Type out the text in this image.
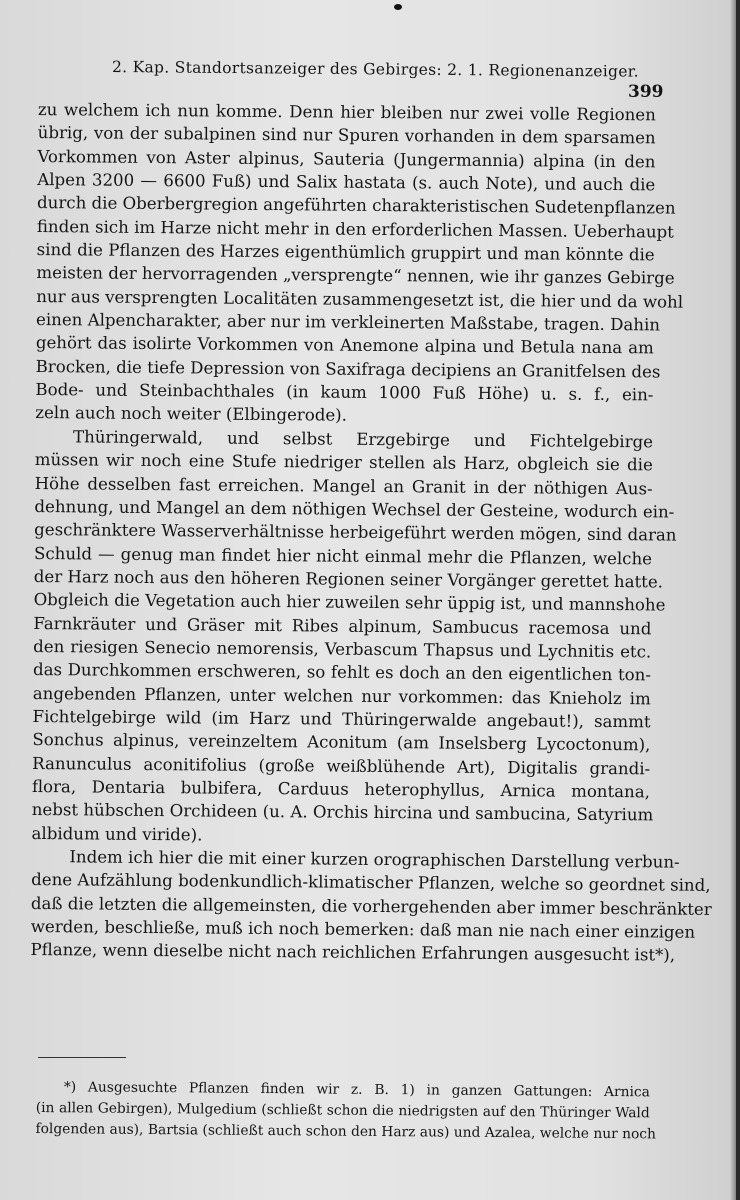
2. Kap. Standortsanzeiger des Gebirges: 2. 1. Regionenanzeiger.
399
zu welchem ich nun komme. Denn hier bleiben nur zwei volle Regionen
übrig, von der subalpinen sind nur Spuren vorhanden in dem sparsamen
Vorkommen von Aster alpinus, Sauteria (Jungermannia) alpina (in den
Alpen 3200 — 6600 Fuß) und Salix hastata (s. auch Note), und auch die
durch die Oberbergregion angeführten charakteristischen Sudetenpflanzen
finden sich im Harze nicht mehr in den erforderlichen Massen. Ueberhaupt
sind die Pflanzen des Harzes eigenthümlich gruppirt und man könnte die
meisten der hervorragenden „versprengte“ nennen, wie ihr ganzes Gebirge
nur aus versprengten Localitäten zusammengesetzt ist, die hier und da wohl
einen Alpencharakter, aber nur im verkleinerten Maßstabe, tragen. Dahin
gehört das isolirte Vorkommen von Anemone alpina und Betula nana am
Brocken, die tiefe Depression von Saxifraga decipiens an Granitfelsen des
Bode- und Steinbachthales (in kaum 1000 Fuß Höhe) u. s. f., ein-
zeln auch noch weiter (Elbingerode).
Thüringerwald, und selbst Erzgebirge und Fichtelgebirge
müssen wir noch eine Stufe niedriger stellen als Harz, obgleich sie die
Höhe desselben fast erreichen. Mangel an Granit in der nöthigen Aus-
dehnung, und Mangel an dem nöthigen Wechsel der Gesteine, wodurch ein-
geschränktere Wasserverhältnisse herbeigeführt werden mögen, sind daran
Schuld — genug man findet hier nicht einmal mehr die Pflanzen, welche
der Harz noch aus den höheren Regionen seiner Vorgänger gerettet hatte.
Obgleich die Vegetation auch hier zuweilen sehr üppig ist, und mannshohe
Farnkräuter und Gräser mit Ribes alpinum, Sambucus racemosa und
den riesigen Senecio nemorensis, Verbascum Thapsus und Lychnitis etc.
das Durchkommen erschweren, so fehlt es doch an den eigentlichen ton-
angebenden Pflanzen, unter welchen nur vorkommen: das Knieholz im
Fichtelgebirge wild (im Harz und Thüringerwalde angebaut!), sammt
Sonchus alpinus, vereinzeltem Aconitum (am Inselsberg Lycoctonum),
Ranunculus aconitifolius (große weißblühende Art), Digitalis grandi-
flora, Dentaria bulbifera, Carduus heterophyllus, Arnica montana,
nebst hübschen Orchideen (u. A. Orchis hircina und sambucina, Satyrium
albidum und viride).
Indem ich hier die mit einer kurzen orographischen Darstellung verbun-
dene Aufzählung bodenkundlich-klimatischer Pflanzen, welche so geordnet sind,
daß die letzten die allgemeinsten, die vorhergehenden aber immer beschränkter
werden, beschließe, muß ich noch bemerken: daß man nie nach einer einzigen
Pflanze, wenn dieselbe nicht nach reichlichen Erfahrungen ausgesucht ist*),
*) Ausgesuchte Pflanzen finden wir z. B. 1) in ganzen Gattungen: Arnica
(in allen Gebirgen), Mulgedium (schließt schon die niedrigsten auf den Thüringer Wald
folgenden aus), Bartsia (schließt auch schon den Harz aus) und Azalea, welche nur noch
